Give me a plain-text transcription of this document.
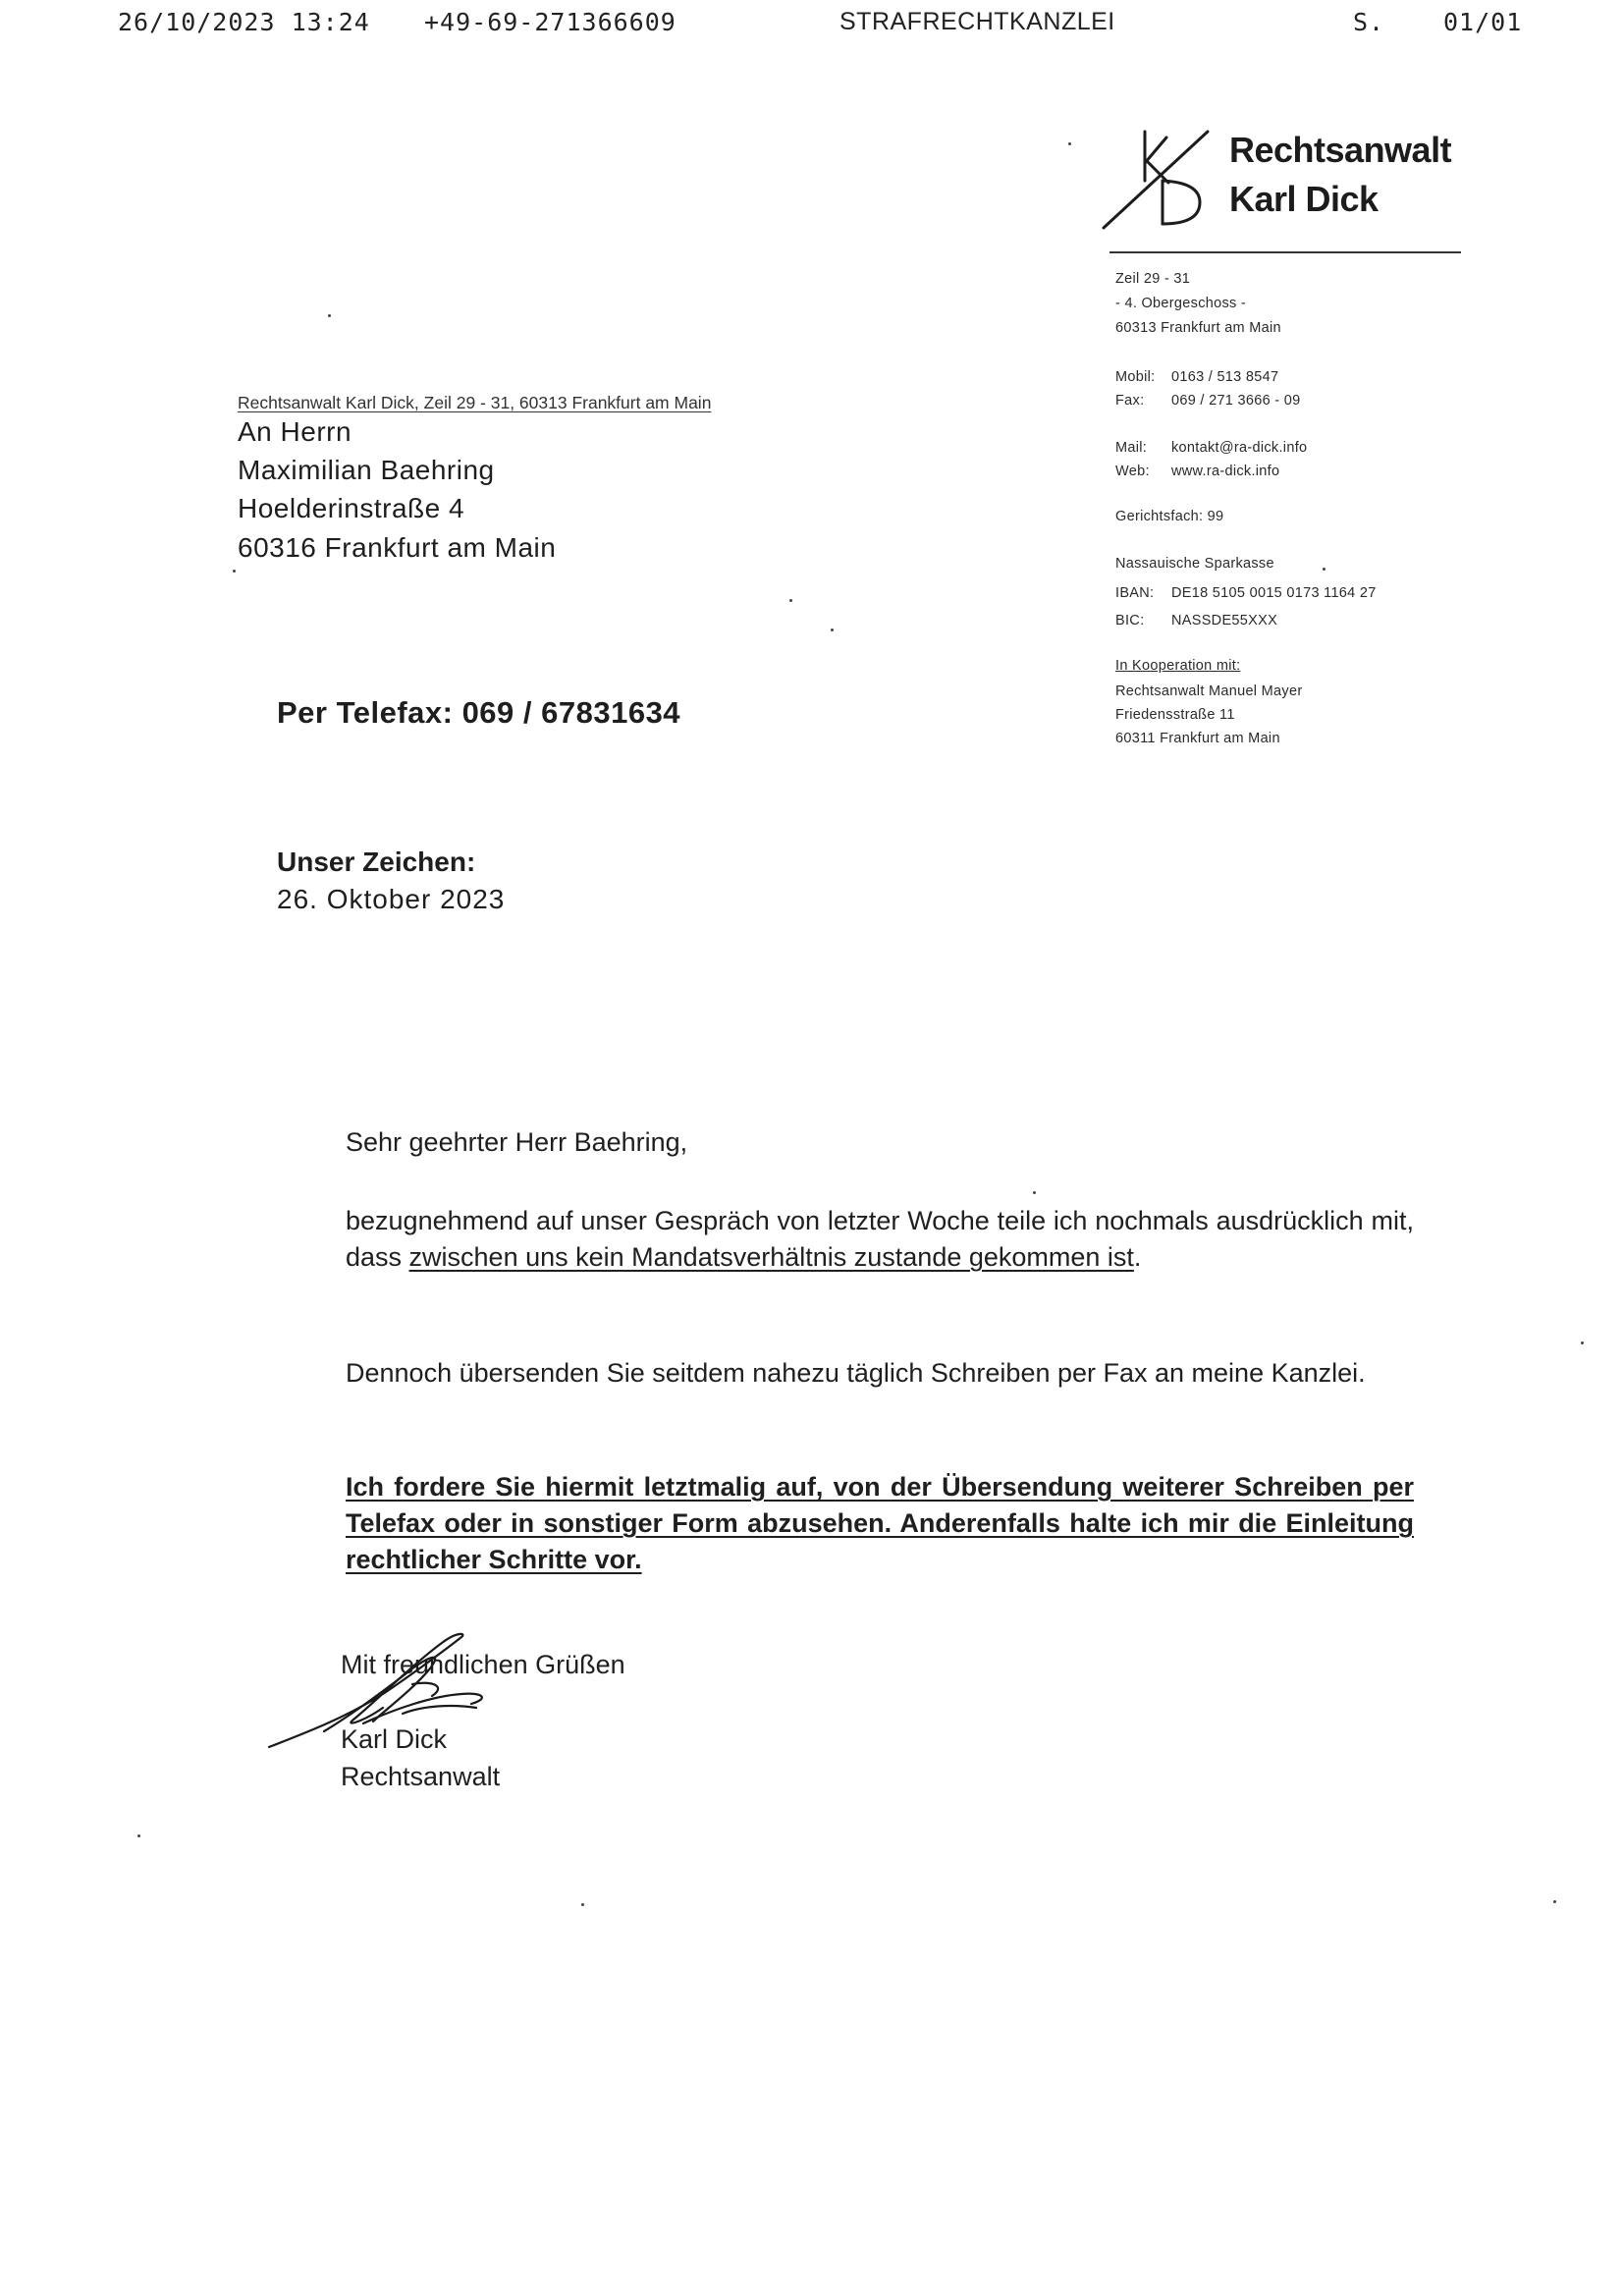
26/10/2023 13:24 +49-69-271366609	STRAFRECHTKANZLEI	S. 01/01
Rechtsanwalt
Karl Dick
Zeil 29 - 31
- 4. Obergeschoss -
60313 Frankfurt am Main
Mobil: 0163 / 513 8547
Fax: 069 / 271 3666 - 09
Mail: kontakt@ra-dick.info
Web: www.ra-dick.info
Gerichtsfach: 99
Nassauische Sparkasse
IBAN: DE18 5105 0015 0173 1164 27
BIC: NASSDE55XXX
In Kooperation mit:
Rechtsanwalt Manuel Mayer
Friedensstraße 11
60311 Frankfurt am Main
Rechtsanwalt Karl Dick, Zeil 29 - 31, 60313 Frankfurt am Main
An Herrn
Maximilian Baehring
Hoelderinstraße 4
60316 Frankfurt am Main
Per Telefax: 069 / 67831634
Unser Zeichen:
26. Oktober 2023
Sehr geehrter Herr Baehring,
bezugnehmend auf unser Gespräch von letzter Woche teile ich nochmals ausdrücklich mit, dass zwischen uns kein Mandatsverhältnis zustande gekommen ist.
Dennoch übersenden Sie seitdem nahezu täglich Schreiben per Fax an meine Kanzlei.
Ich fordere Sie hiermit letztmalig auf, von der Übersendung weiterer Schreiben per Telefax oder in sonstiger Form abzusehen. Anderenfalls halte ich mir die Einleitung rechtlicher Schritte vor.
Mit freundlichen Grüßen
Karl Dick
Rechtsanwalt
